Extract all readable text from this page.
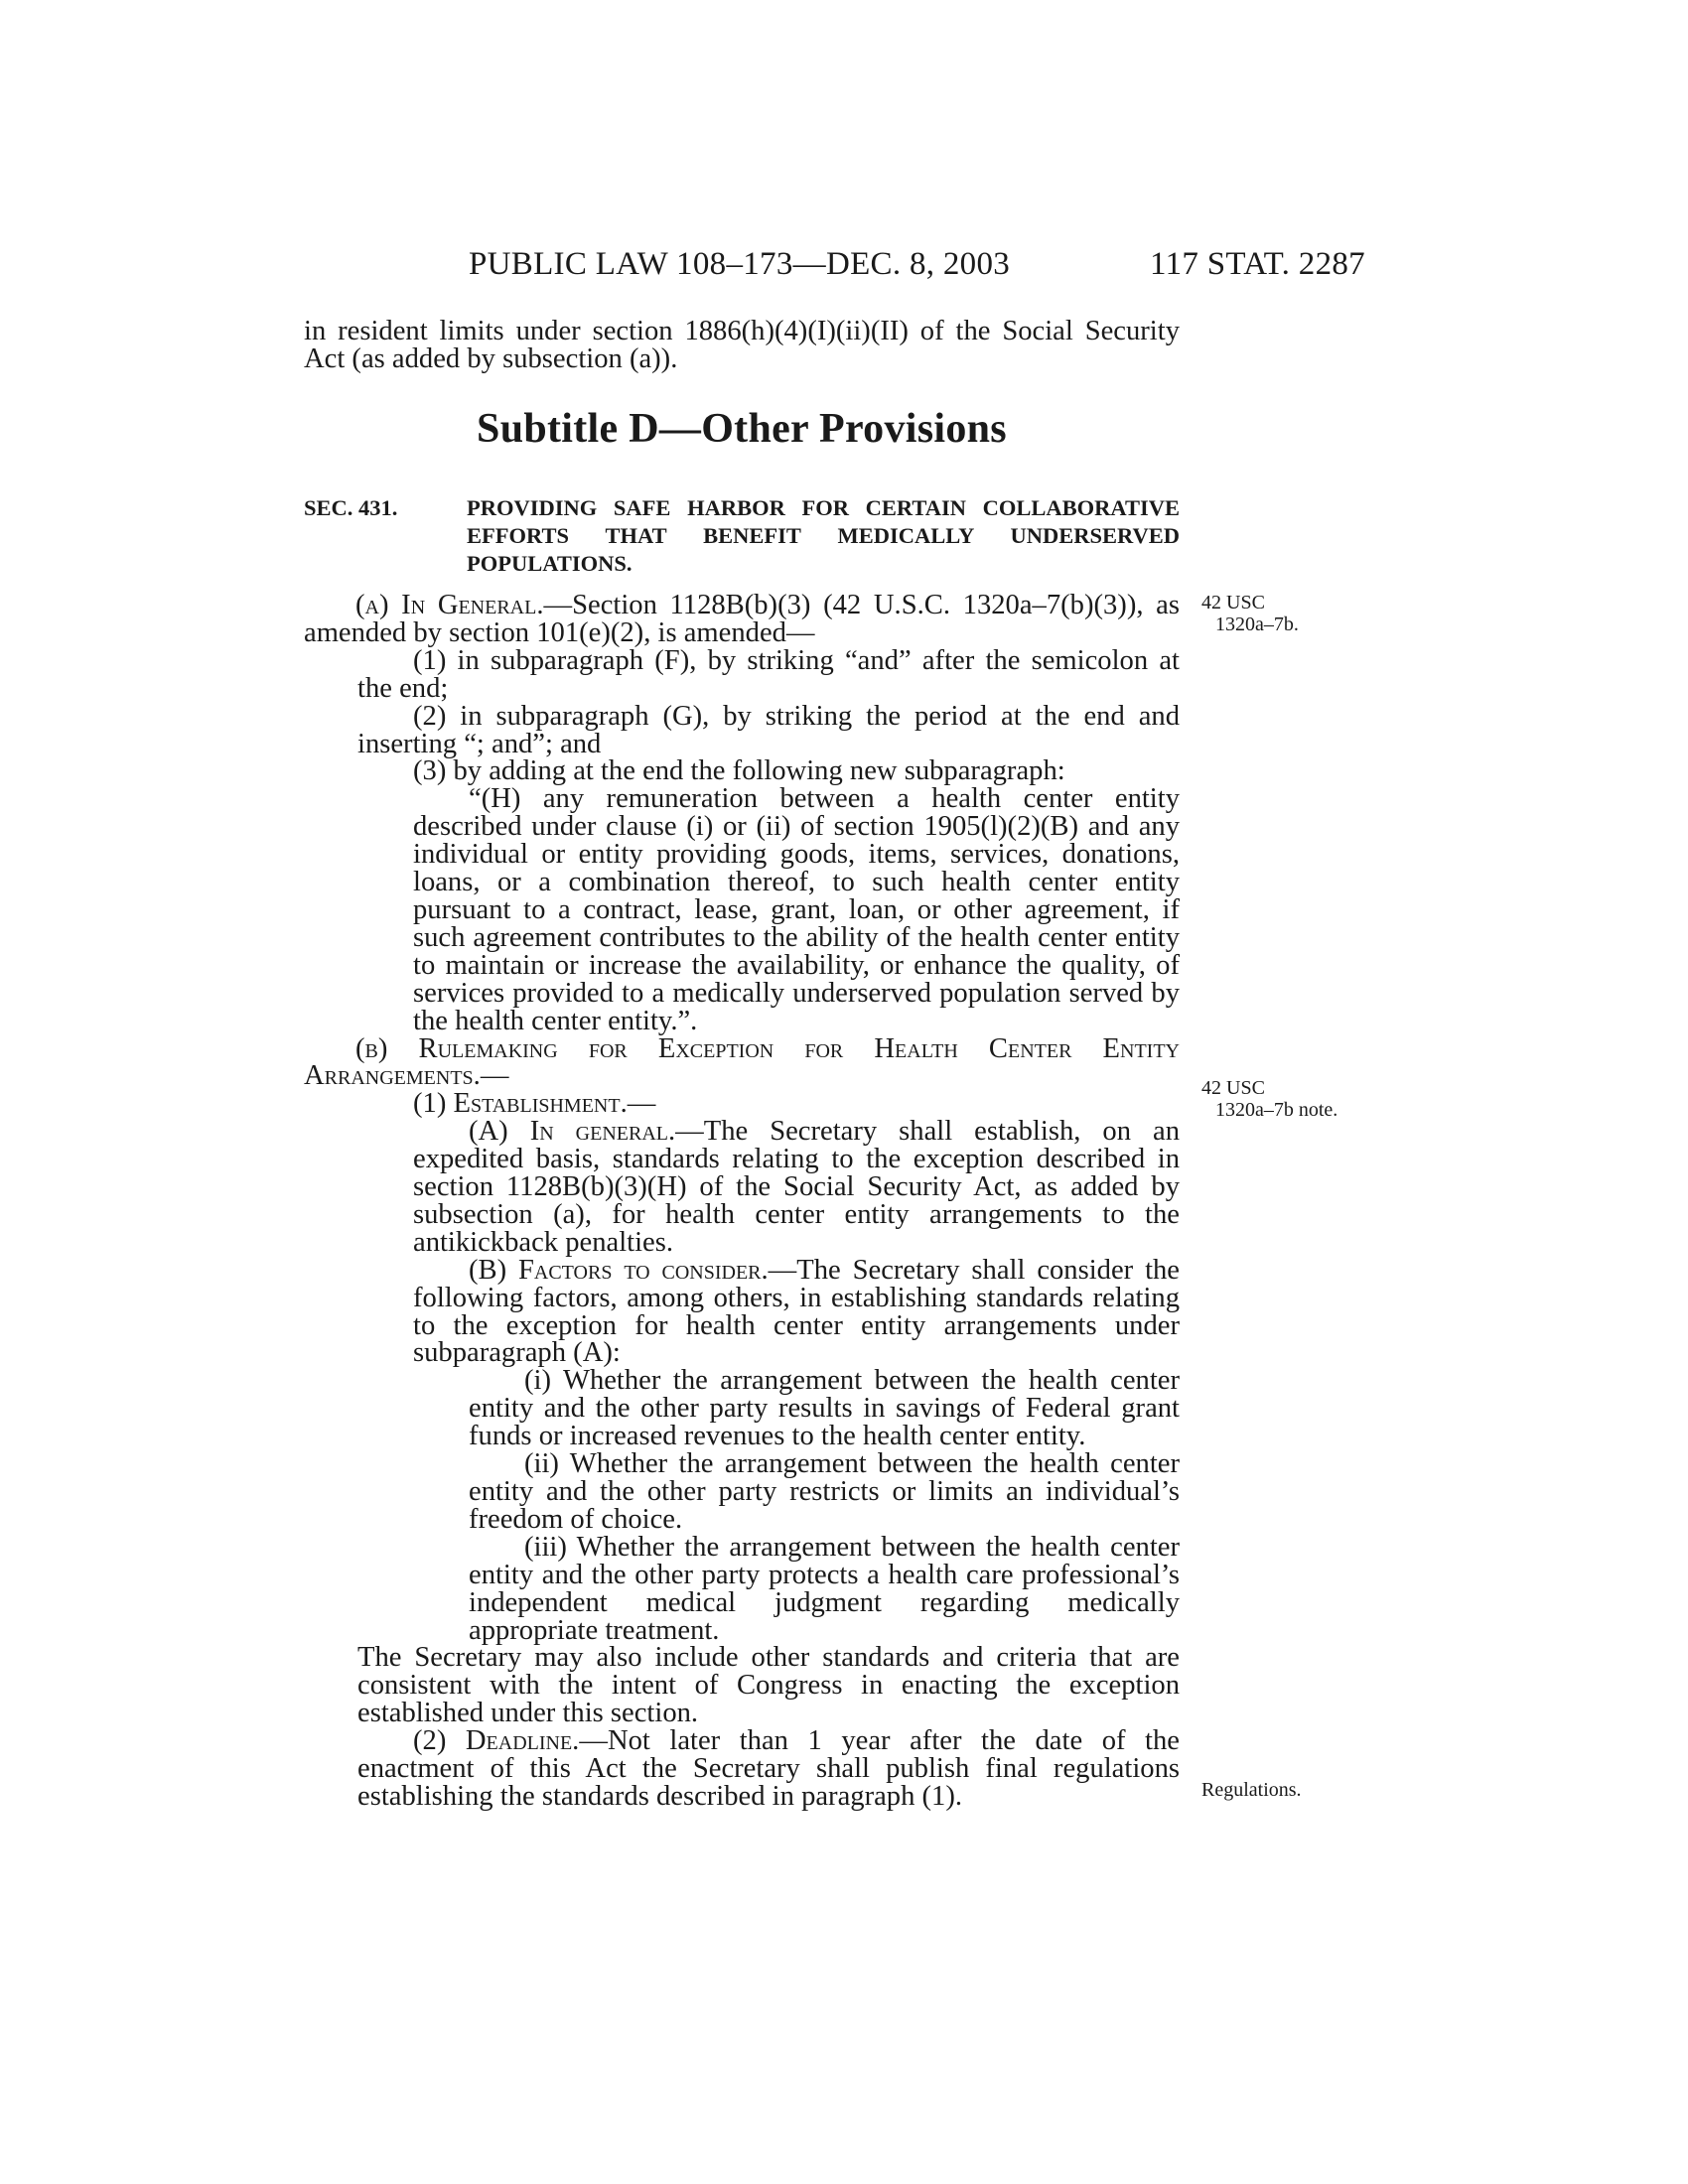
PUBLIC LAW 108–173—DEC. 8, 2003	117 STAT. 2287

in resident limits under section 1886(h)(4)(I)(ii)(II) of the Social Security Act (as added by subsection (a)).

Subtitle D—Other Provisions
SEC. 431.	PROVIDING SAFE HARBOR FOR CERTAIN COLLABORATIVE EFFORTS THAT BENEFIT MEDICALLY UNDERSERVED POPULATIONS.

(a) In General.—Section 1128B(b)(3) (42 U.S.C. 1320a–7(b)(3)), as amended by section 101(e)(2), is amended—

(1) in subparagraph (F), by striking “and” after the semicolon at the end;

(2) in subparagraph (G), by striking the period at the end and inserting “; and”; and

(3) by adding at the end the following new subparagraph:

“(H) any remuneration between a health center entity described under clause (i) or (ii) of section 1905(l)(2)(B) and any individual or entity providing goods, items, services, donations, loans, or a combination thereof, to such health center entity pursuant to a contract, lease, grant, loan, or other agreement, if such agreement contributes to the ability of the health center entity to maintain or increase the availability, or enhance the quality, of services provided to a medically underserved population served by the health center entity.”.

(b) Rulemaking for Exception for Health Center Entity Arrangements.—

(1) Establishment.—

(A) In general.—The Secretary shall establish, on an expedited basis, standards relating to the exception described in section 1128B(b)(3)(H) of the Social Security Act, as added by subsection (a), for health center entity arrangements to the antikickback penalties.

(B) Factors to consider.—The Secretary shall consider the following factors, among others, in establishing standards relating to the exception for health center entity arrangements under subparagraph (A):

(i) Whether the arrangement between the health center entity and the other party results in savings of Federal grant funds or increased revenues to the health center entity.

(ii) Whether the arrangement between the health center entity and the other party restricts or limits an individual’s freedom of choice.

(iii) Whether the arrangement between the health center entity and the other party protects a health care professional’s independent medical judgment regarding medically appropriate treatment.

The Secretary may also include other standards and criteria that are consistent with the intent of Congress in enacting the exception established under this section.

(2) Deadline.—Not later than 1 year after the date of the enactment of this Act the Secretary shall publish final regulations establishing the standards described in paragraph (1).

42 USC
1320a–7b.
42 USC
1320a–7b note.
Regulations.
